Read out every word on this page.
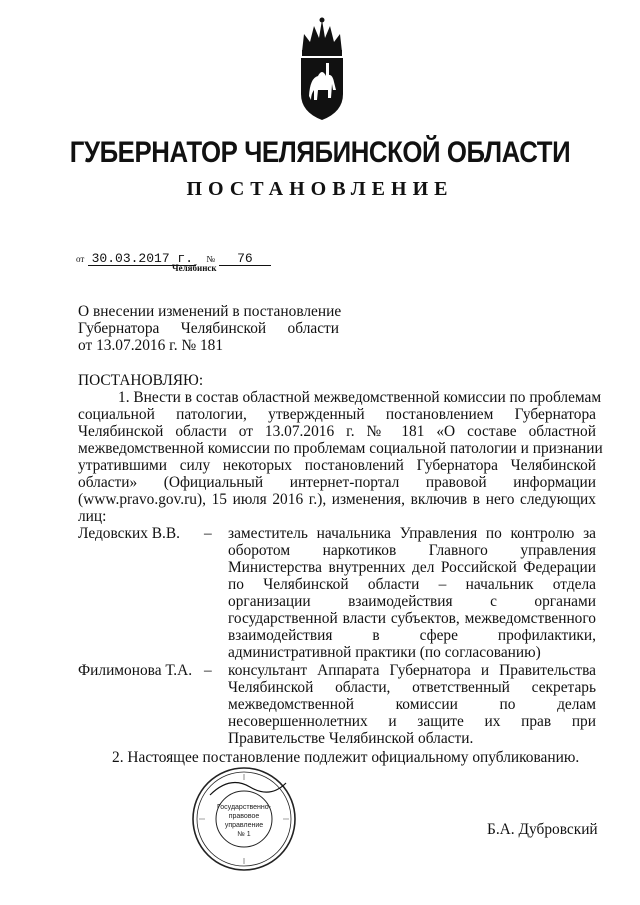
ГУБЕРНАТОР ЧЕЛЯБИНСКОЙ ОБЛАСТИ
ПОСТАНОВЛЕНИЕ
от 30.03.2017 г. № 76
Челябинск
О внесении изменений в постановление
Губернатора Челябинской области
от 13.07.2016 г. № 181
ПОСТАНОВЛЯЮ:
1. Внести в состав областной межведомственной комиссии по проблемам
социальной патологии, утвержденный постановлением Губернатора
Челябинской области от 13.07.2016 г. № 181 «О составе областной
межведомственной комиссии по проблемам социальной патологии и признании
утратившими силу некоторых постановлений Губернатора Челябинской
области» (Официальный интернет-портал правовой информации
(www.pravo.gov.ru), 15 июля 2016 г.), изменения, включив в него следующих
лиц:
Ледовских В.В. – заместитель начальника Управления по контролю за
оборотом наркотиков Главного управления
Министерства внутренних дел Российской Федерации
по Челябинской области – начальник отдела
организации взаимодействия с органами
государственной власти субъектов, межведомственного
взаимодействия в сфере профилактики,
административной практики (по согласованию)
Филимонова Т.А. – консультант Аппарата Губернатора и Правительства
Челябинской области, ответственный секретарь
межведомственной комиссии по делам
несовершеннолетних и защите их прав при
Правительстве Челябинской области.
2. Настоящее постановление подлежит официальному опубликованию.
Государственно-
правовое
управление
№ 1	Б.А. Дубровский
